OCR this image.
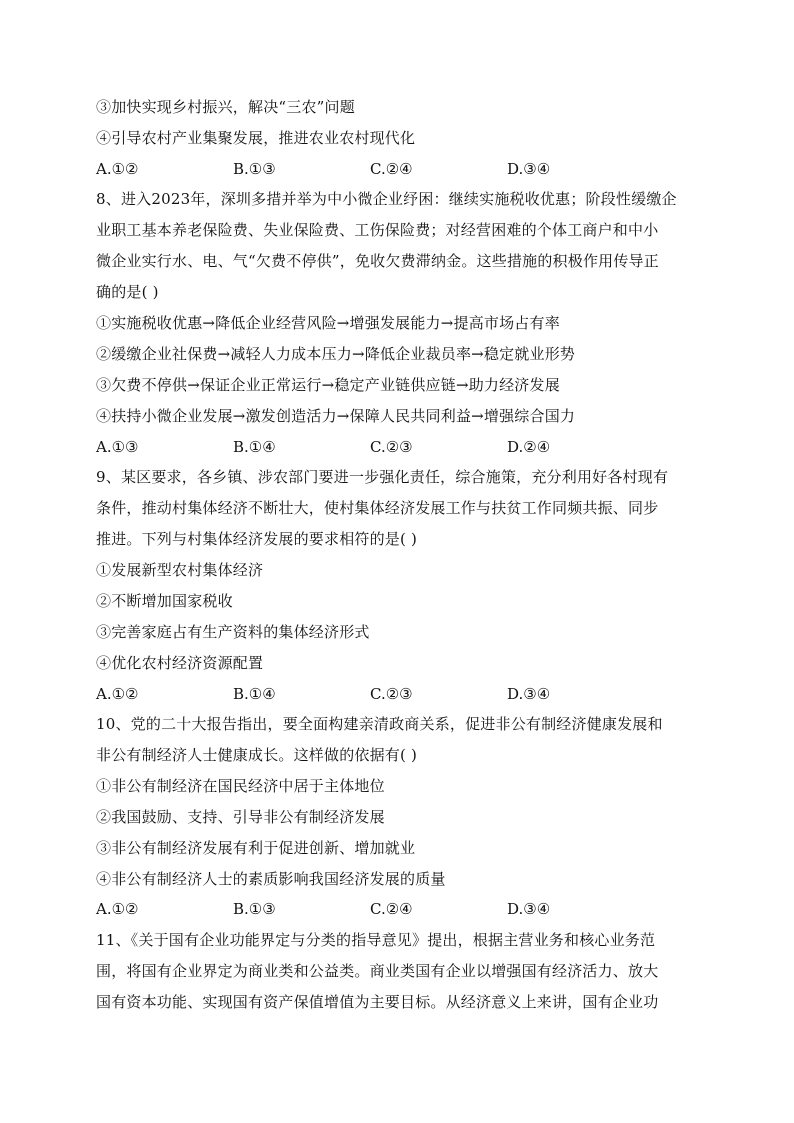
③加快实现乡村振兴，解决“三农”问题
④引导农村产业集聚发展，推进农业农村现代化
A.①②	B.①③	C.②④	D.③④
8、进入2023年，深圳多措并举为中小微企业纾困：继续实施税收优惠；阶段性缓缴企
业职工基本养老保险费、失业保险费、工伤保险费；对经营困难的个体工商户和中小
微企业实行水、电、气“欠费不停供”，免收欠费滞纳金。这些措施的积极作用传导正
确的是( )
①实施税收优惠→降低企业经营风险→增强发展能力→提高市场占有率
②缓缴企业社保费→减轻人力成本压力→降低企业裁员率→稳定就业形势
③欠费不停供→保证企业正常运行→稳定产业链供应链→助力经济发展
④扶持小微企业发展→激发创造活力→保障人民共同利益→增强综合国力
A.①③	B.①④	C.②③	D.②④
9、某区要求，各乡镇、涉农部门要进一步强化责任，综合施策，充分利用好各村现有
条件，推动村集体经济不断壮大，使村集体经济发展工作与扶贫工作同频共振、同步
推进。下列与村集体经济发展的要求相符的是( )
①发展新型农村集体经济
②不断增加国家税收
③完善家庭占有生产资料的集体经济形式
④优化农村经济资源配置
A.①②	B.①④	C.②③	D.③④
10、党的二十大报告指出，要全面构建亲清政商关系，促进非公有制经济健康发展和
非公有制经济人士健康成长。这样做的依据有( )
①非公有制经济在国民经济中居于主体地位
②我国鼓励、支持、引导非公有制经济发展
③非公有制经济发展有利于促进创新、增加就业
④非公有制经济人士的素质影响我国经济发展的质量
A.①②	B.①③	C.②④	D.③④
11、《关于国有企业功能界定与分类的指导意见》提出，根据主营业务和核心业务范
围，将国有企业界定为商业类和公益类。商业类国有企业以增强国有经济活力、放大
国有资本功能、实现国有资产保值增值为主要目标。从经济意义上来讲，国有企业功
